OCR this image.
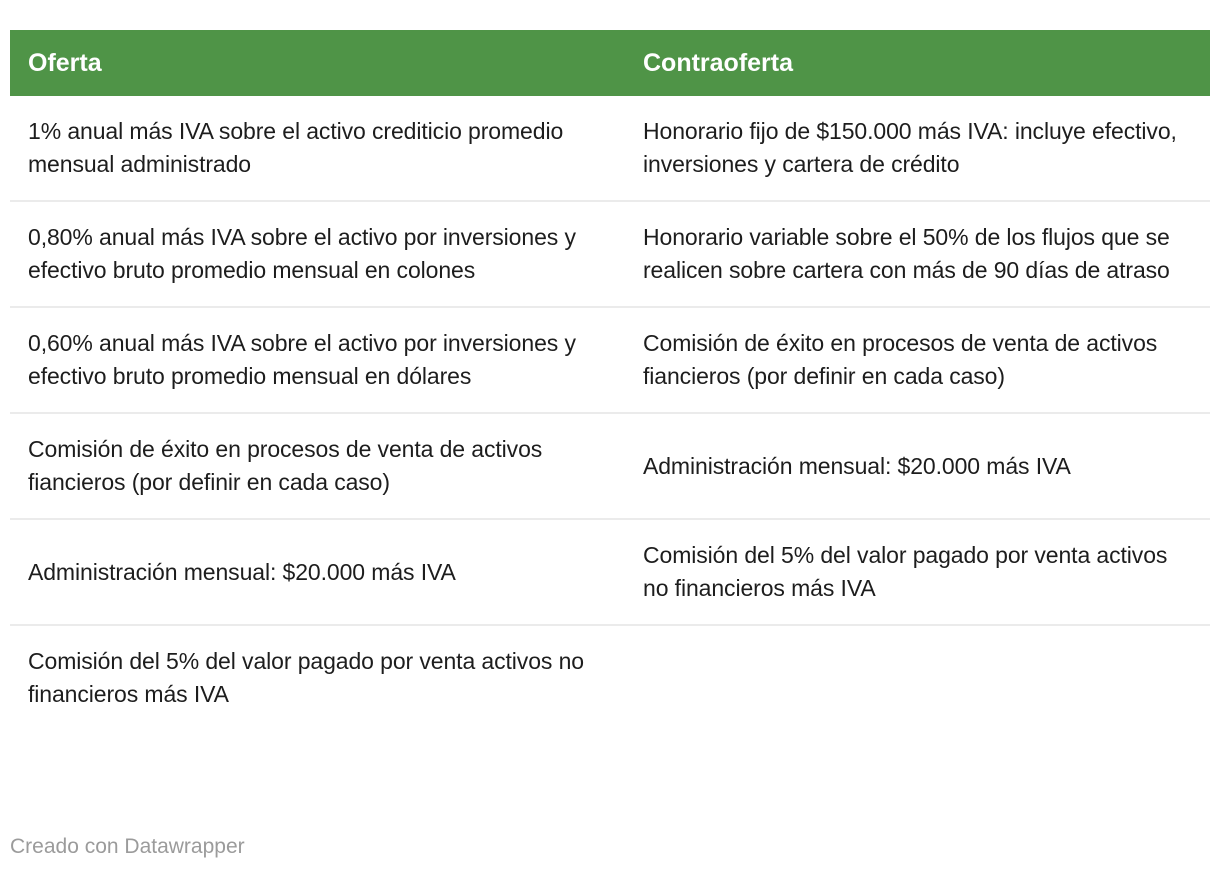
Oferta	Contraoferta
1% anual más IVA sobre el activo crediticio promedio mensual administrado	Honorario fijo de $150.000 más IVA: incluye efectivo, inversiones y cartera de crédito
0,80% anual más IVA sobre el activo por inversiones y efectivo bruto promedio mensual en colones	Honorario variable sobre el 50% de los flujos que se realicen sobre cartera con más de 90 días de atraso
0,60% anual más IVA sobre el activo por inversiones y efectivo bruto promedio mensual en dólares	Comisión de éxito en procesos de venta de activos fiancieros (por definir en cada caso)
Comisión de éxito en procesos de venta de activos fiancieros (por definir en cada caso)	Administración mensual: $20.000 más IVA
Administración mensual: $20.000 más IVA	Comisión del 5% del valor pagado por venta activos no financieros más IVA
Comisión del 5% del valor pagado por venta activos no financieros más IVA	
Creado con Datawrapper
